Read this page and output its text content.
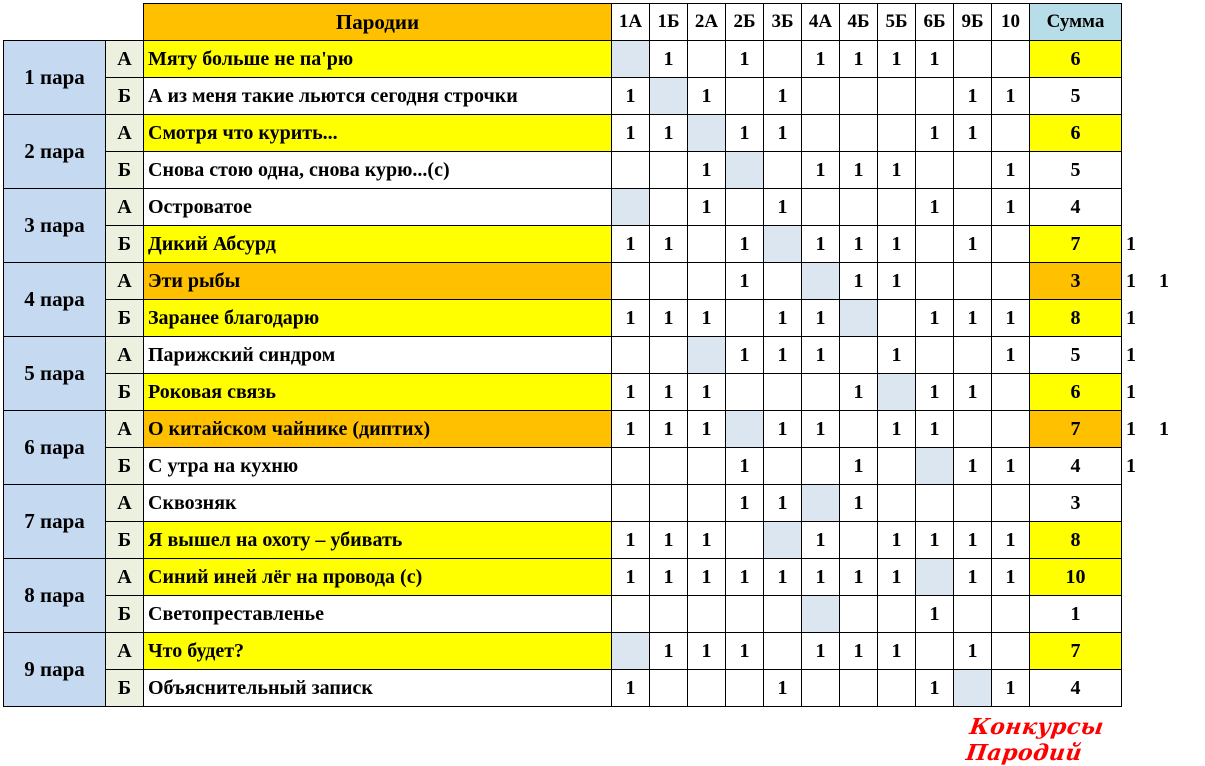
		Пародии	1А	1Б	2А	2Б	3Б	4А	4Б	5Б	6Б	9Б	10	Сумма	
1 пара	А	Мяту больше не па'рю		1		1		1	1	1	1			6	
	Б	А из меня такие льются сегодня строчки	1		1		1					1	1	5	
2 пара	А	Смотря что курить...	1	1		1	1				1	1		6	
	Б	Снова стою одна, снова курю...(с)			1			1	1	1			1	5	
3 пара	А	Островатое			1		1				1		1	4	
	Б	Дикий Абсурд	1	1		1		1	1	1		1		7	1
4 пара	А	Эти рыбы				1			1	1				3	1 1
	Б	Заранее благодарю	1	1	1		1	1			1	1	1	8	1
5 пара	А	Парижский синдром				1	1	1		1			1	5	1
	Б	Роковая связь	1	1	1				1		1	1		6	1
6 пара	А	О китайском чайнике (диптих)	1	1	1		1	1		1	1			7	1 1
	Б	С утра на кухню				1			1			1	1	4	1
7 пара	А	Сквозняк				1	1		1					3	
	Б	Я вышел на охоту – убивать	1	1	1			1		1	1	1	1	8	
8 пара	А	Синий иней лёг на провода (с)	1	1	1	1	1	1	1	1		1	1	10	
	Б	Светопреставленье									1			1	
9 пара	А	Что будет?		1	1	1		1	1	1		1		7	
	Б	Объяснительный записк	1				1				1		1	4	
Конкурсы Пародий
